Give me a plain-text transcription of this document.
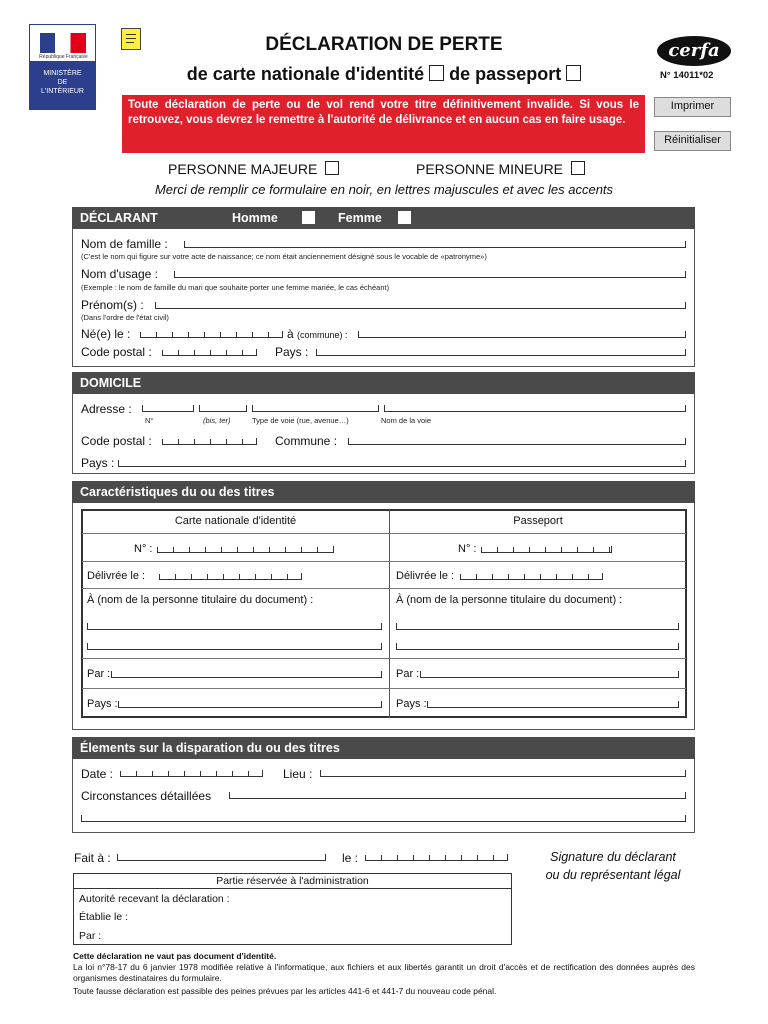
République Française
MINISTÈRE
DE
L'INTÉRIEUR
DÉCLARATION DE PERTE
de carte nationale d'identité de passeport
cerfa
N° 14011*02
Toute déclaration de perte ou de vol rend votre titre définitivement invalide. Si vous le retrouvez, vous devrez le remettre à l'autorité de délivrance et en aucun cas en faire usage.
Imprimer
Réinitialiser
PERSONNE MAJEURE	PERSONNE MINEURE
Merci de remplir ce formulaire en noir, en lettres majuscules et avec les accents
DÉCLARANT	Homme	Femme
Nom de famille :
(C'est le nom qui figure sur votre acte de naissance; ce nom était anciennement désigné sous le vocable de «patronyme»)
Nom d'usage :
(Exemple : le nom de famille du mari que souhaite porter une femme mariée, le cas échéant)
Prénom(s) :
(Dans l'ordre de l'état civil)
Né(e) le :	à (commune) :
Code postal :	Pays :
DOMICILE
Adresse :
N°	(bis, ter)	Type de voie (rue, avenue…)	Nom de la voie
Code postal :	Commune :
Pays :
Caractéristiques du ou des titres
Carte nationale d'identité	Passeport
N° :	N° :
Délivrée le :	Délivrée le :
À (nom de la personne titulaire du document) :	À (nom de la personne titulaire du document) :
Par :	Par :
Pays :	Pays :
Élements sur la disparation du ou des titres
Date :	Lieu :
Circonstances détaillées
Fait à :	le :	Signature du déclarant
ou du représentant légal
Partie réservée à l'administration
Autorité recevant la déclaration :
Établie le :
Par :
Cette déclaration ne vaut pas document d'identité.
La loi n°78-17 du 6 janvier 1978 modifiée relative à l'informatique, aux fichiers et aux libertés garantit un droit d'accès et de rectification des données auprès des organismes destinataires du formulaire.
Toute fausse déclaration est passible des peines prévues par les articles 441-6 et 441-7 du nouveau code pénal.
